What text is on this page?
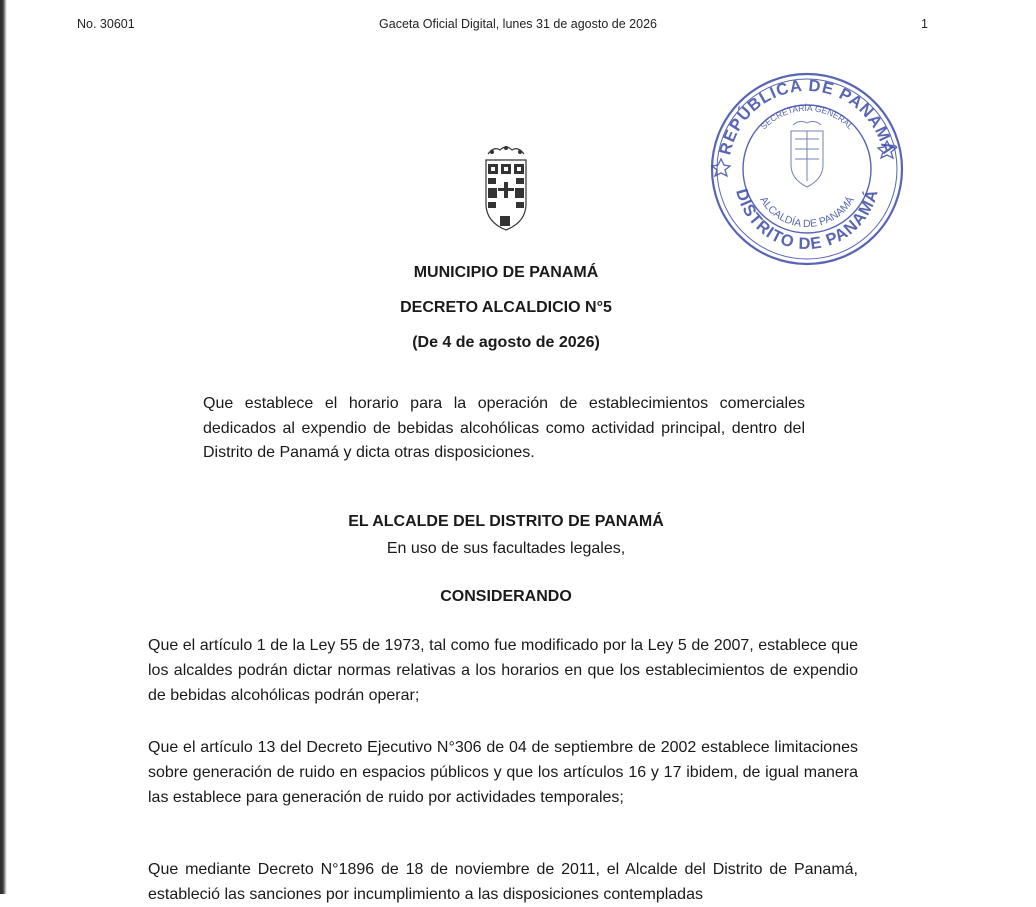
No. 30601	Gaceta Oficial Digital, lunes 31 de agosto de 2026	1
REPÚBLICA DE PANAMÁ
DISTRITO DE PANAMÁ
SECRETARÍA GENERAL
ALCALDÍA DE PANAMÁ
MUNICIPIO DE PANAMÁ
DECRETO ALCALDICIO N°5
(De 4 de agosto de 2026)
Que establece el horario para la operación de establecimientos comerciales dedicados al expendio de bebidas alcohólicas como actividad principal, dentro del Distrito de Panamá y dicta otras disposiciones.
EL ALCALDE DEL DISTRITO DE PANAMÁ
En uso de sus facultades legales,
CONSIDERANDO
Que el artículo 1 de la Ley 55 de 1973, tal como fue modificado por la Ley 5 de 2007, establece que los alcaldes podrán dictar normas relativas a los horarios en que los establecimientos de expendio de bebidas alcohólicas podrán operar;
Que el artículo 13 del Decreto Ejecutivo N°306 de 04 de septiembre de 2002 establece limitaciones sobre generación de ruido en espacios públicos y que los artículos 16 y 17 ibidem, de igual manera las establece para generación de ruido por actividades temporales;
Que mediante Decreto N°1896 de 18 de noviembre de 2011, el Alcalde del Distrito de Panamá, estableció las sanciones por incumplimiento a las disposiciones contempladas
